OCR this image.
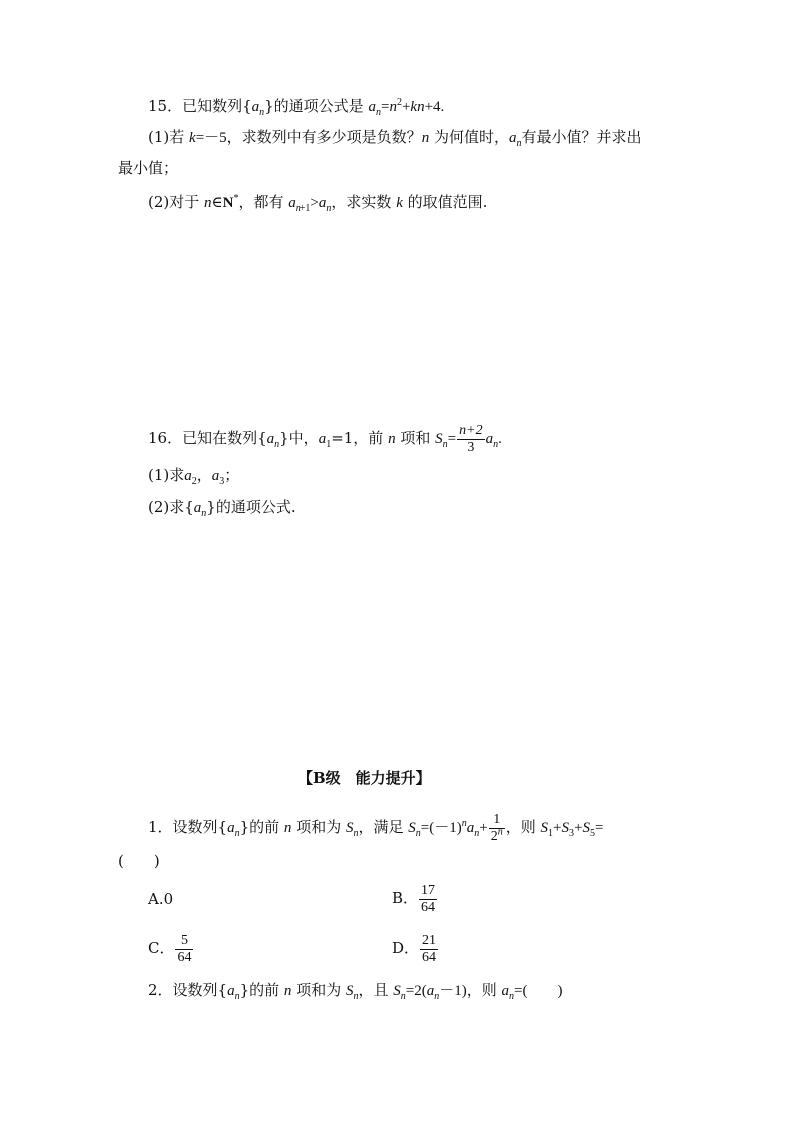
15．已知数列$\{a_n\}$的通项公式是 $a_n=n^2+kn+4$.
(1)若 k=－5，求数列中有多少项是负数？n 为何值时，$a_n$有最小值？并求出
最小值；
(2)对于 n∈N*，都有 $a_{n+1}>a_n$，求实数 k 的取值范围.
16．已知在数列$\{a_n\}$中，$a_1=1$，前 n 项和 $S_n= \frac{n+2}{3} a_n$.
(1)求$a_2$，$a_3$；
(2)求$\{a_n\}$的通项公式.
【B级　能力提升】
1．设数列$\{a_n\}$的前 n 项和为 $S_n$，满足 $S_n=(-1)^na_n+ \frac{1}{2^n}$ ，则 $S_1+S_3+S_5=$
(　　)
A.0	B． $\frac{17}{64}$
C． $\frac{5}{64}$	D． $\frac{21}{64}$
2．设数列$\{a_n\}$的前 n 项和为 $S_n$，且 $S_n=2(a_n-1)$，则 $a_n=$(　　)
